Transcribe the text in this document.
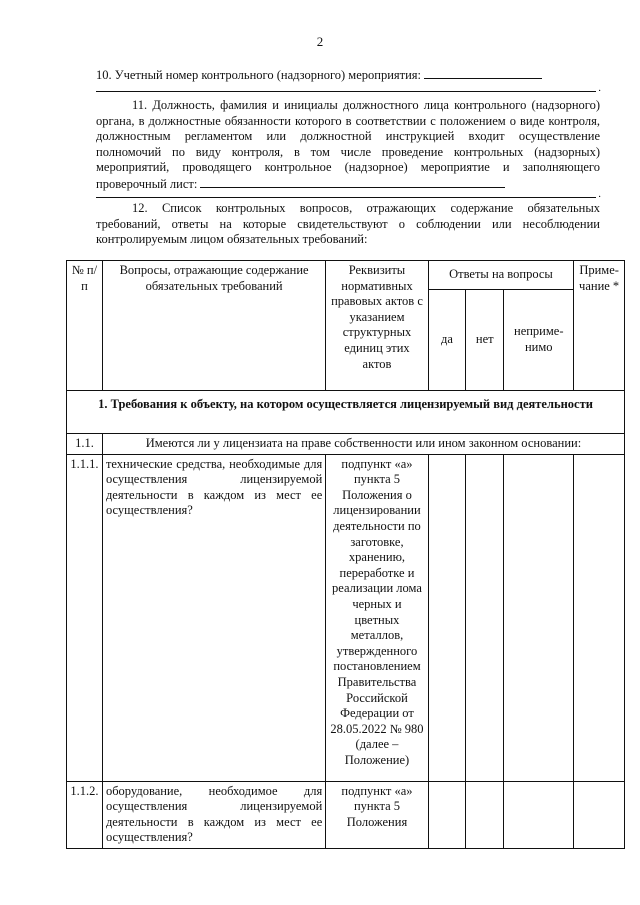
2
10. Учетный номер контрольного (надзорного) мероприятия:
.
11. Должность, фамилия и инициалы должностного лица контрольного (надзорного) органа, в должностные обязанности которого в соответствии с положением о виде контроля, должностным регламентом или должностной инструкцией входит осуществление полномочий по виду контроля, в том числе проведение контрольных (надзорных) мероприятий, проводящего контрольное (надзорное) мероприятие и заполняющего проверочный лист:
.
12. Список контрольных вопросов, отражающих содержание обязательных требований, ответы на которые свидетельствуют о соблюдении или несоблюдении контролируемым лицом обязательных требований:
№ п/п	Вопросы, отражающие содержание обязательных требований	Реквизиты нормативных правовых актов с указанием структурных единиц этих актов	Ответы на вопросы			Приме-чание *
			да	нет	неприме-нимо	
1. Требования к объекту, на котором осуществляется лицензируемый вид деятельности						
1.1.	Имеются ли у лицензиата на праве собственности или ином законном основании:					
1.1.1.	технические средства, необходимые для осуществления лицензируемой деятельности в каждом из мест ее осуществления?	подпункт «а» пункта 5 Положения о лицензировании деятельности по заготовке, хранению, переработке и реализации лома черных и цветных металлов, утвержденного постановлением Правительства Российской Федерации от 28.05.2022 № 980 (далее – Положение)				
1.1.2.	оборудование, необходимое для осуществления лицензируемой деятельности в каждом из мест ее осуществления?	подпункт «а» пункта 5 Положения				
